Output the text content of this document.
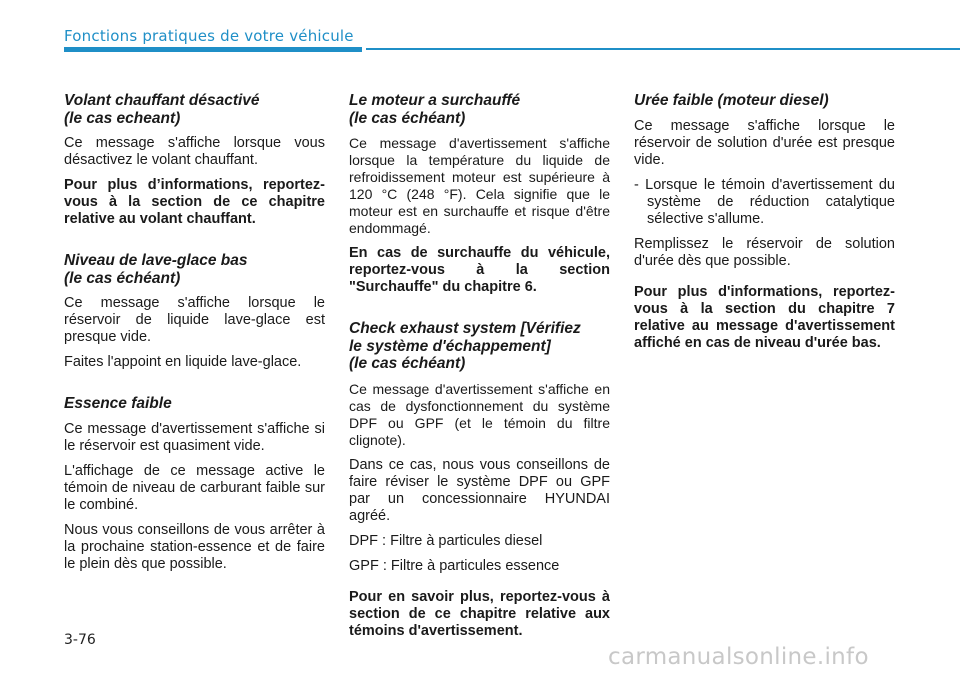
Fonctions pratiques de votre véhicule
Volant chauffant désactivé
(le cas echeant)

Ce message s'affiche lorsque vous désactivez le volant chauffant.

Pour plus d’informations, reportez-vous à la section de ce chapitre relative au volant chauffant.

Niveau de lave-glace bas
(le cas échéant)

Ce message s'affiche lorsque le réservoir de liquide lave-glace est presque vide.

Faites l'appoint en liquide lave-glace.

Essence faible

Ce message d'avertissement s'affiche si le réservoir est quasiment vide.

L'affichage de ce message active le témoin de niveau de carburant faible sur le combiné.

Nous vous conseillons de vous arrêter à la prochaine station-essence et de faire le plein dès que possible.

Le moteur a surchauffé
(le cas échéant)

Ce message d'avertissement s'affiche lorsque la température du liquide de refroidissement moteur est supérieure à 120 °C (248 °F). Cela signifie que le moteur est en surchauffe et risque d'être endommagé.

En cas de surchauffe du véhicule, reportez-vous à la section "Surchauffe" du chapitre 6.

Check exhaust system [Vérifiez
le système d'échappement]
(le cas échéant)

Ce message d'avertissement s'affiche en cas de dysfonctionnement du système DPF ou GPF (et le témoin du filtre clignote).

Dans ce cas, nous vous conseillons de faire réviser le système DPF ou GPF par un concessionnaire HYUNDAI agréé.

DPF : Filtre à particules diesel

GPF : Filtre à particules essence

Pour en savoir plus, reportez-vous à section de ce chapitre relative aux témoins d'avertissement.

Urée faible (moteur diesel)

Ce message s'affiche lorsque le réservoir de solution d'urée est presque vide.

- Lorsque le témoin d'avertissement du système de réduction catalytique sélective s'allume.

Remplissez le réservoir de solution d'urée dès que possible.

Pour plus d'informations, reportez-vous à la section du chapitre 7 relative au message d'avertissement affiché en cas de niveau d'urée bas.

3-76
carmanualsonline.info
